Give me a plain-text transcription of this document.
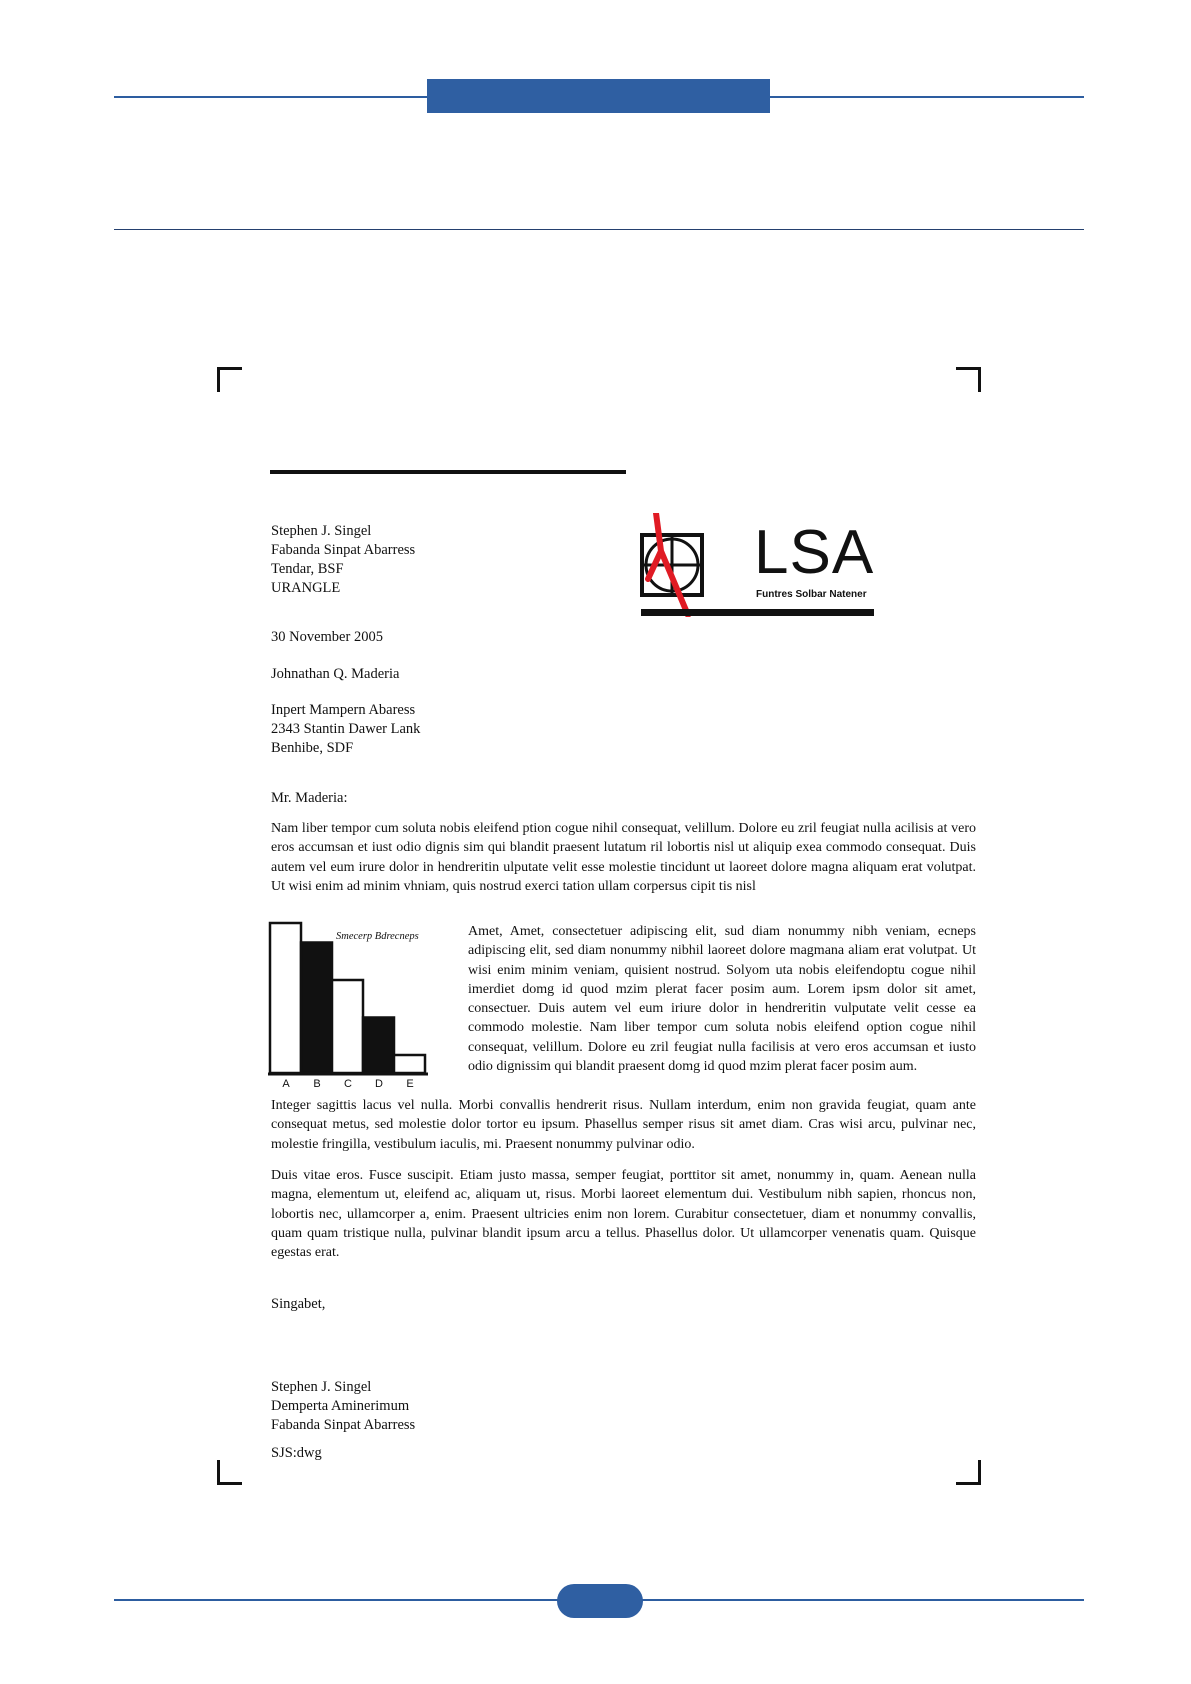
Stephen J. Singel
Fabanda Sinpat Abarress
Tendar, BSF
URANGLE
LSA
Funtres Solbar Natener
30 November 2005
Johnathan Q. Maderia
Inpert Mampern Abaress
2343 Stantin Dawer Lank
Benhibe, SDF
Mr. Maderia:
Nam liber tempor cum soluta nobis eleifend ption cogue nihil consequat, velillum. Dolore eu zril feugiat nulla acilisis at vero eros accumsan et iust odio dignis sim qui blandit praesent lutatum ril lobortis nisl ut aliquip exea commodo consequat. Duis autem vel eum irure dolor in hendreritin ulputate velit esse molestie tincidunt ut laoreet dolore magna aliquam erat volutpat. Ut wisi enim ad minim vhniam, quis nostrud exerci tation ullam corpersus cipit tis nisl
Smecerp Bdrecneps
A	B	C	D	E
Amet, Amet, consectetuer adipiscing elit, sud diam nonummy nibh veniam, ecneps adipiscing elit, sed diam nonummy nibhil laoreet dolore magmana aliam erat volutpat. Ut wisi enim minim veniam, quisient nostrud. Solyom uta nobis eleifendoptu cogue nihil imerdiet domg id quod mzim plerat facer posim aum. Lorem ipsm dolor sit amet, consectuer. Duis autem vel eum iriure dolor in hendreritin vulputate velit cesse ea commodo molestie. Nam liber tempor cum soluta nobis eleifend option cogue nihil consequat, velillum. Dolore eu zril feugiat nulla facilisis at vero eros accumsan et iusto odio dignissim qui blandit praesent domg id quod mzim plerat facer posim aum.
Integer sagittis lacus vel nulla. Morbi convallis hendrerit risus. Nullam interdum, enim non gravida feugiat, quam ante consequat metus, sed molestie dolor tortor eu ipsum. Phasellus semper risus sit amet diam. Cras wisi arcu, pulvinar nec, molestie fringilla, vestibulum iaculis, mi. Praesent nonummy pulvinar odio.
Duis vitae eros. Fusce suscipit. Etiam justo massa, semper feugiat, porttitor sit amet, nonummy in, quam. Aenean nulla magna, elementum ut, eleifend ac, aliquam ut, risus. Morbi laoreet elementum dui. Vestibulum nibh sapien, rhoncus non, lobortis nec, ullamcorper a, enim. Praesent ultricies enim non lorem. Curabitur consectetuer, diam et nonummy convallis, quam quam tristique nulla, pulvinar blandit ipsum arcu a tellus. Phasellus dolor. Ut ullamcorper venenatis quam. Quisque egestas erat.
Singabet,
Stephen J. Singel
Demperta Aminerimum
Fabanda Sinpat Abarress
SJS:dwg
